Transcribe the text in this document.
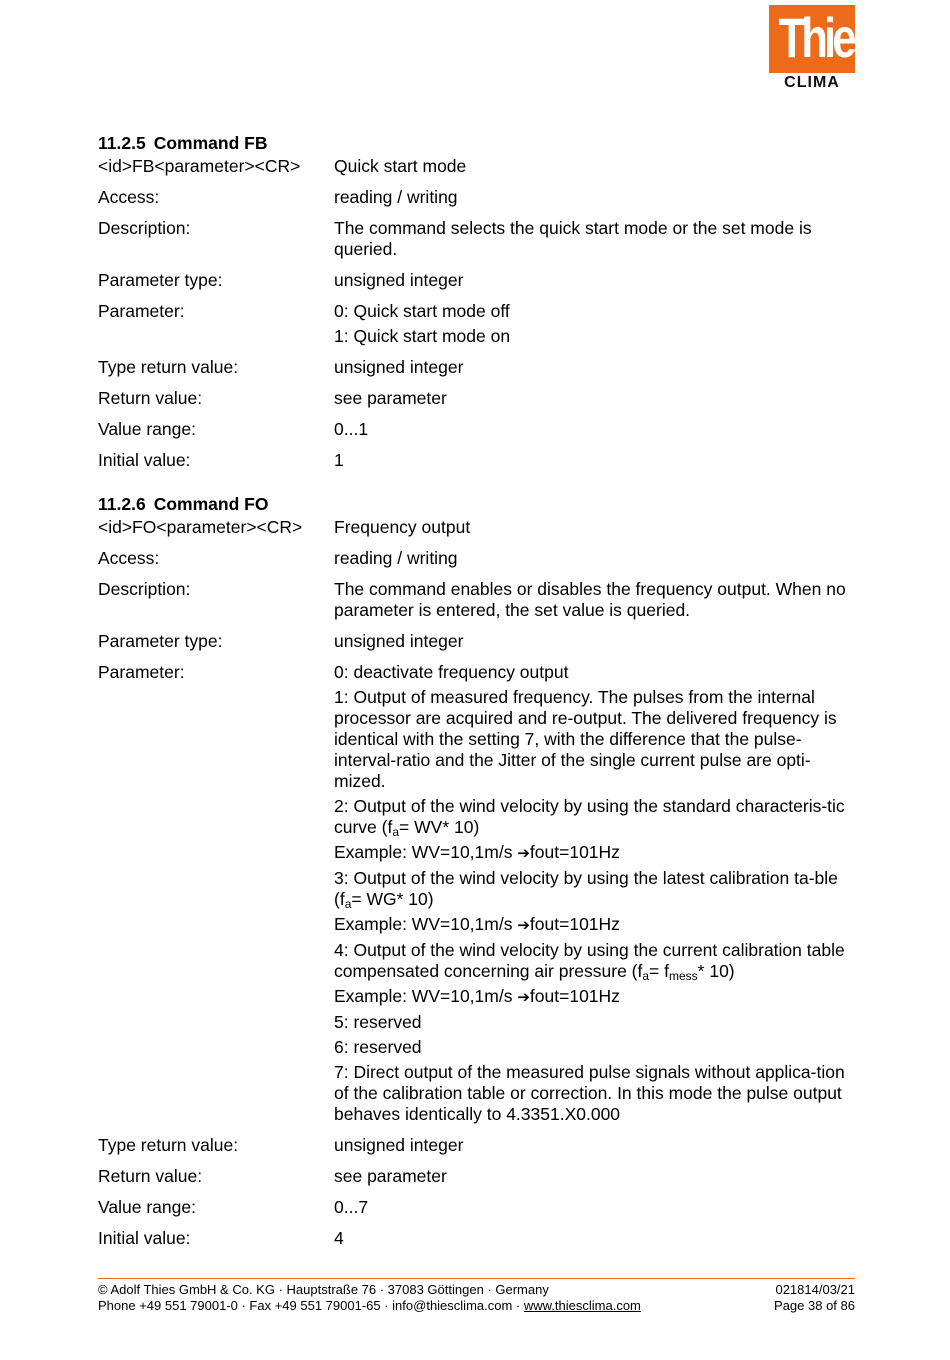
Thies
CLIMA
11.2.5 Command FB
<id>FB<parameter><CR>	Quick start mode
Access:	reading / writing
Description:	The command selects the quick start mode or the set mode is queried.
Parameter type:	unsigned integer
Parameter:	0: Quick start mode off
1: Quick start mode on
Type return value:	unsigned integer
Return value:	see parameter
Value range:	0...1
Initial value:	1
11.2.6 Command FO
<id>FO<parameter><CR>	Frequency output
Access:	reading / writing
Description:	The command enables or disables the frequency output. When no parameter is entered, the set value is queried.
Parameter type:	unsigned integer
Parameter:	0: deactivate frequency output
1: Output of measured frequency. The pulses from the internal processor are acquired and re-output. The delivered frequency is identical with the setting 7, with the difference that the pulse-interval-ratio and the Jitter of the single current pulse are opti-mized.
2: Output of the wind velocity by using the standard characteris-tic curve ($f_a= WV*$ 10)
Example: WV=10,1m/s ➔fout=101Hz
3: Output of the wind velocity by using the latest calibration ta-ble ($f_a= WG*$ 10)
Example: WV=10,1m/s ➔fout=101Hz
4: Output of the wind velocity by using the current calibration table compensated concerning air pressure ($f_a= f_{mess}*$ 10)
Example: WV=10,1m/s ➔fout=101Hz
5: reserved
6: reserved
7: Direct output of the measured pulse signals without applica-tion of the calibration table or correction. In this mode the pulse output behaves identically to 4.3351.X0.000
Type return value:	unsigned integer
Return value:	see parameter
Value range:	0...7
Initial value:	4
© Adolf Thies GmbH & Co. KG · Hauptstraße 76 · 37083 Göttingen · Germany	021814/03/21
Phone +49 551 79001-0 · Fax +49 551 79001-65 · info@thiesclima.com · www.thiesclima.com	Page 38 of 86
